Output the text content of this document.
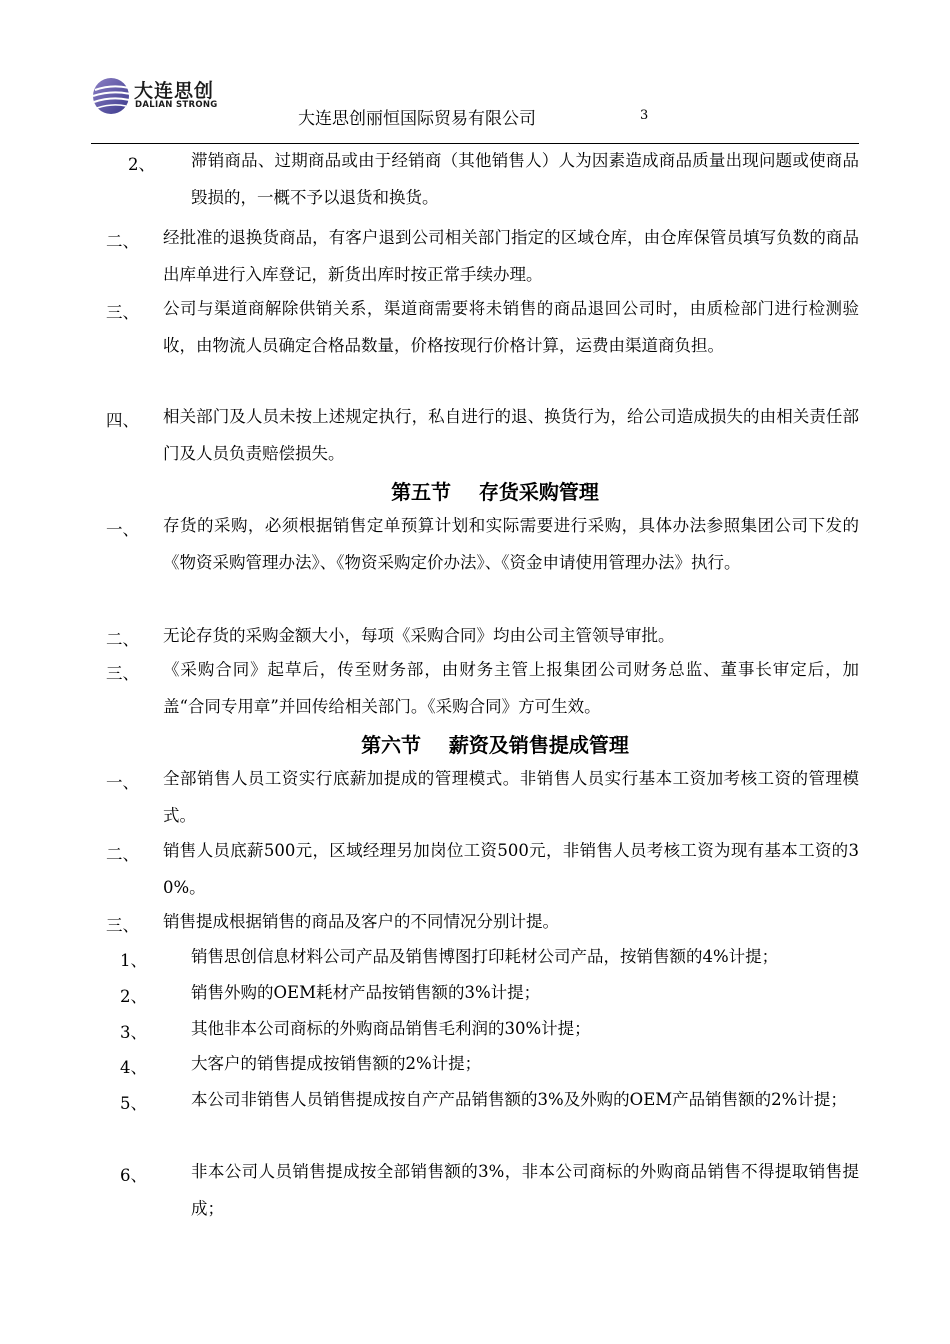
大连思创
DALIAN STRONG
大连思创丽恒国际贸易有限公司	3
2、 滞销商品、过期商品或由于经销商（其他销售人）人为因素造成商品质量出现问题或使商品毁损的，一概不予以退货和换货。
二、 经批准的退换货商品，有客户退到公司相关部门指定的区域仓库，由仓库保管员填写负数的商品出库单进行入库登记，新货出库时按正常手续办理。
三、 公司与渠道商解除供销关系，渠道商需要将未销售的商品退回公司时，由质检部门进行检测验收，由物流人员确定合格品数量，价格按现行价格计算，运费由渠道商负担。
四、 相关部门及人员未按上述规定执行，私自进行的退、换货行为，给公司造成损失的由相关责任部门及人员负责赔偿损失。
第五节    存货采购管理
一、 存货的采购，必须根据销售定单预算计划和实际需要进行采购，具体办法参照集团公司下发的《物资采购管理办法》、《物资采购定价办法》、《资金申请使用管理办法》执行。
二、 无论存货的采购金额大小，每项《采购合同》均由公司主管领导审批。
三、 《采购合同》起草后，传至财务部，由财务主管上报集团公司财务总监、董事长审定后，加盖“合同专用章”并回传给相关部门。《采购合同》方可生效。
第六节    薪资及销售提成管理
一、 全部销售人员工资实行底薪加提成的管理模式。非销售人员实行基本工资加考核工资的管理模式。
二、 销售人员底薪500元，区域经理另加岗位工资500元，非销售人员考核工资为现有基本工资的30%。
三、 销售提成根据销售的商品及客户的不同情况分别计提。
1、	销售思创信息材料公司产品及销售博图打印耗材公司产品，按销售额的4%计提；
2、	销售外购的OEM耗材产品按销售额的3%计提；
3、	其他非本公司商标的外购商品销售毛利润的30%计提；
4、	大客户的销售提成按销售额的2%计提；
5、	本公司非销售人员销售提成按自产产品销售额的3%及外购的OEM产品销售额的2%计提；
6、	非本公司人员销售提成按全部销售额的3%，非本公司商标的外购商品销售不得提取销售提成；
